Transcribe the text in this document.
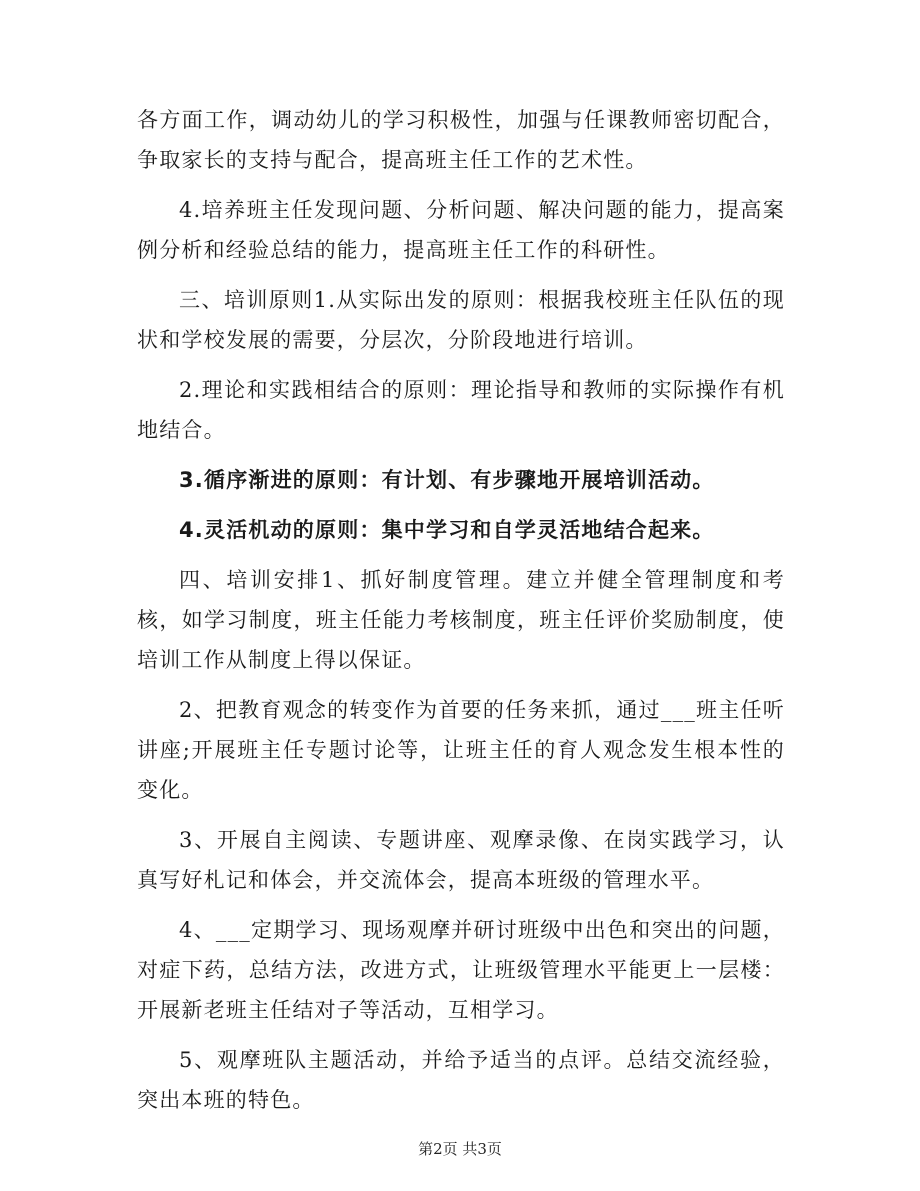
各方面工作，调动幼儿的学习积极性，加强与任课教师密切配合，争取家长的支持与配合，提高班主任工作的艺术性。

4.培养班主任发现问题、分析问题、解决问题的能力，提高案例分析和经验总结的能力，提高班主任工作的科研性。

三、培训原则1.从实际出发的原则：根据我校班主任队伍的现状和学校发展的需要，分层次，分阶段地进行培训。

2.理论和实践相结合的原则：理论指导和教师的实际操作有机地结合。

3.循序渐进的原则：有计划、有步骤地开展培训活动。

4.灵活机动的原则：集中学习和自学灵活地结合起来。

四、培训安排1、抓好制度管理。建立并健全管理制度和考核，如学习制度，班主任能力考核制度，班主任评价奖励制度，使培训工作从制度上得以保证。

2、把教育观念的转变作为首要的任务来抓，通过___班主任听讲座;开展班主任专题讨论等，让班主任的育人观念发生根本性的变化。

3、开展自主阅读、专题讲座、观摩录像、在岗实践学习，认真写好札记和体会，并交流体会，提高本班级的管理水平。

4、___定期学习、现场观摩并研讨班级中出色和突出的问题，对症下药，总结方法，改进方式，让班级管理水平能更上一层楼：开展新老班主任结对子等活动，互相学习。

5、观摩班队主题活动，并给予适当的点评。总结交流经验，突出本班的特色。

第2页 共3页
